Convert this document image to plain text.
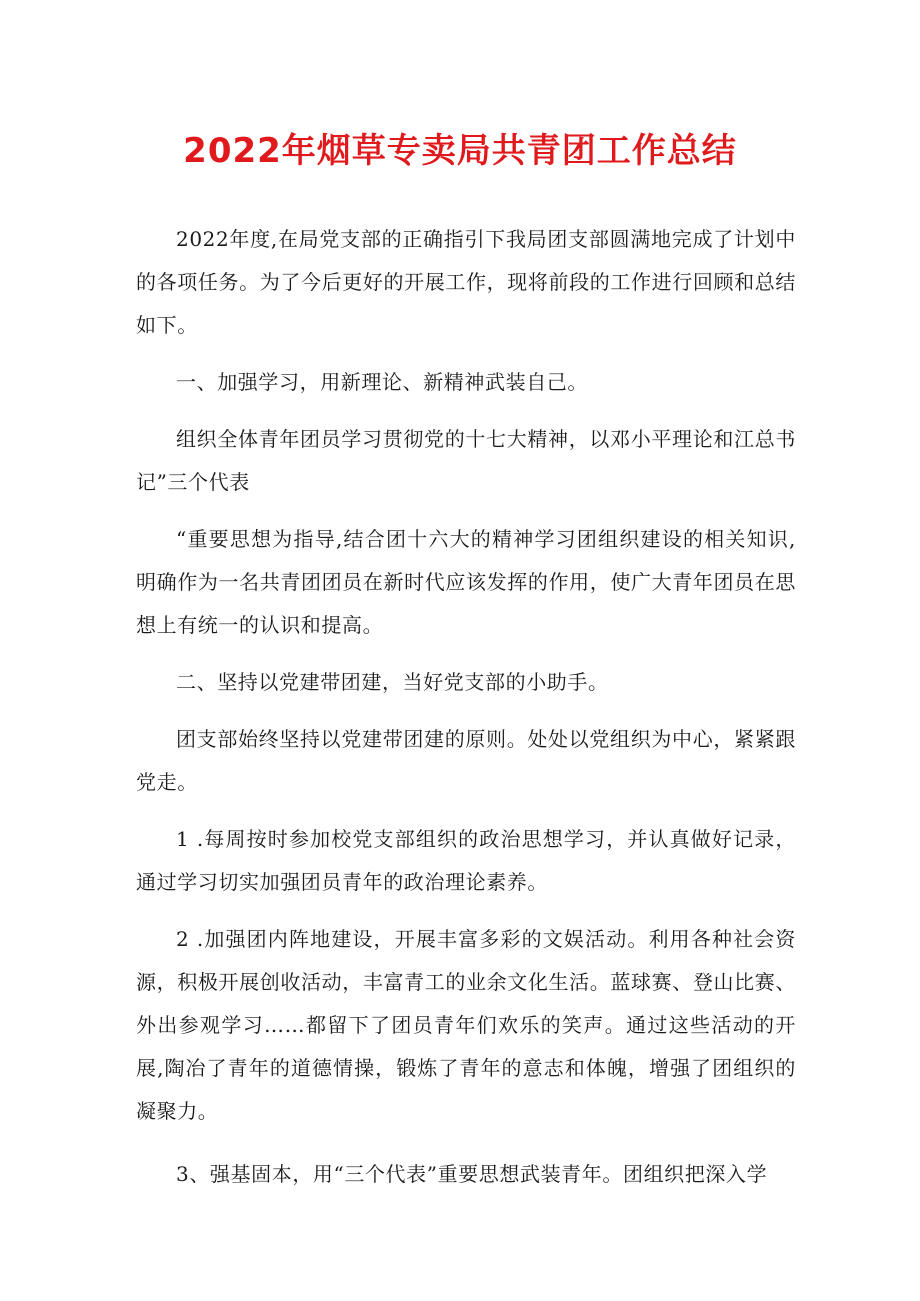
2022年烟草专卖局共青团工作总结

2022年度,在局党支部的正确指引下我局团支部圆满地完成了计划中的各项任务。为了今后更好的开展工作，现将前段的工作进行回顾和总结如下。

一、加强学习，用新理论、新精神武装自己。

组织全体青年团员学习贯彻党的十七大精神，以邓小平理论和江总书记”三个代表

“重要思想为指导,结合团十六大的精神学习团组织建设的相关知识,明确作为一名共青团团员在新时代应该发挥的作用，使广大青年团员在思想上有统一的认识和提高。

二、坚持以党建带团建，当好党支部的小助手。

团支部始终坚持以党建带团建的原则。处处以党组织为中心，紧紧跟党走。

1 .每周按时参加校党支部组织的政治思想学习，并认真做好记录，通过学习切实加强团员青年的政治理论素养。

2 .加强团内阵地建设，开展丰富多彩的文娱活动。利用各种社会资源，积极开展创收活动，丰富青工的业余文化生活。蓝球赛、登山比赛、外出参观学习……都留下了团员青年们欢乐的笑声。通过这些活动的开展,陶冶了青年的道德情操，锻炼了青年的意志和体魄，增强了团组织的凝聚力。

3、强基固本，用“三个代表”重要思想武装青年。团组织把深入学
